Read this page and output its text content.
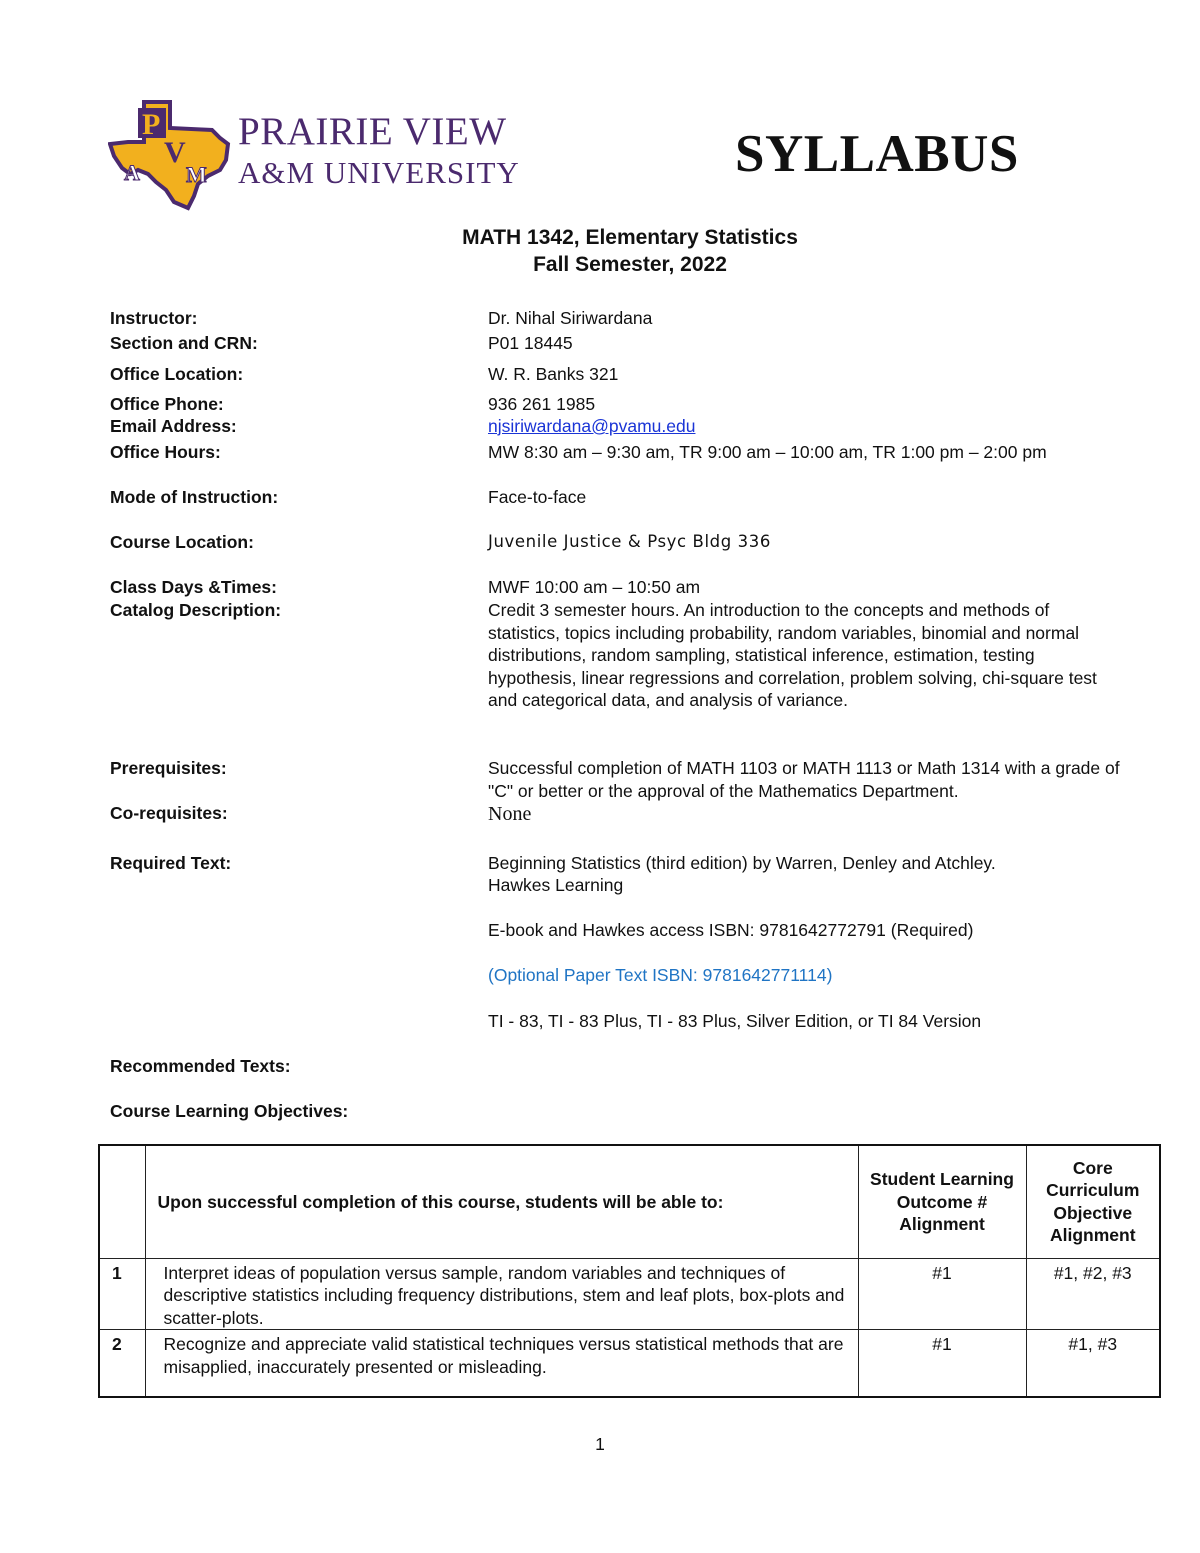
P
V
A M
PRAIRIE VIEW
A&M UNIVERSITY	SYLLABUS
MATH 1342, Elementary Statistics
Fall Semester, 2022
Instructor:	Dr. Nihal Siriwardana
Section and CRN:	P01 18445
Office Location:	W. R. Banks 321
Office Phone:	936 261 1985
Email Address:	njsiriwardana@pvamu.edu
Office Hours:	MW 8:30 am – 9:30 am, TR 9:00 am – 10:00 am, TR 1:00 pm – 2:00 pm
Mode of Instruction:	Face-to-face
Course Location:	Juvenile Justice & Psyc Bldg 336
Class Days &Times:	MWF 10:00 am – 10:50 am
Catalog Description:	Credit 3 semester hours. An introduction to the concepts and methods of statistics, topics including probability, random variables, binomial and normal distributions, random sampling, statistical inference, estimation, testing hypothesis, linear regressions and correlation, problem solving, chi-square test and categorical data, and analysis of variance.
Prerequisites:	Successful completion of MATH 1103 or MATH 1113 or Math 1314 with a grade of "C" or better or the approval of the Mathematics Department.
Co-requisites:	None
Required Text:	Beginning Statistics (third edition) by Warren, Denley and Atchley.
Hawkes Learning
E-book and Hawkes access ISBN: 9781642772791 (Required)
(Optional Paper Text ISBN: 9781642771114)
TI - 83, TI - 83 Plus, TI - 83 Plus, Silver Edition, or TI 84 Version
Recommended Texts:
Course Learning Objectives:
	Upon successful completion of this course, students will be able to:	Student Learning Outcome # Alignment	Core Curriculum Objective Alignment
1	Interpret ideas of population versus sample, random variables and techniques of descriptive statistics including frequency distributions, stem and leaf plots, box-plots and scatter-plots.	#1	#1, #2, #3
2	Recognize and appreciate valid statistical techniques versus statistical methods that are misapplied, inaccurately presented or misleading.	#1	#1, #3
1
